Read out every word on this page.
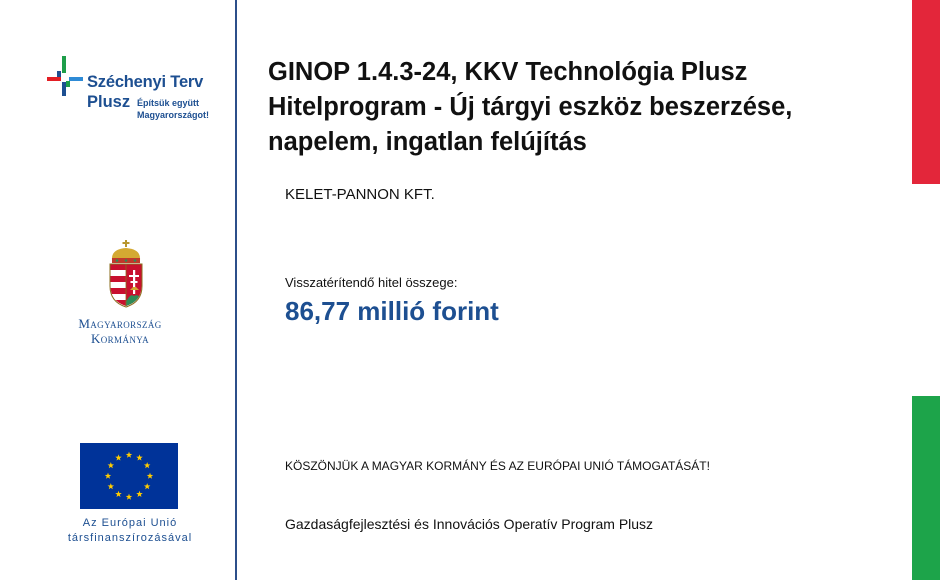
Széchenyi Terv
Plusz Építsük együtt
Magyarországot!
Magyarország
Kormánya
Az Európai Unió
társfinanszírozásával
GINOP 1.4.3-24, KKV Technológia Plusz
Hitelprogram - Új tárgyi eszköz beszerzése,
napelem, ingatlan felújítás
KELET-PANNON KFT.
Visszatérítendő hitel összege:
86,77 millió forint
KÖSZÖNJÜK A MAGYAR KORMÁNY ÉS AZ EURÓPAI UNIÓ TÁMOGATÁSÁT!
Gazdaságfejlesztési és Innovációs Operatív Program Plusz
